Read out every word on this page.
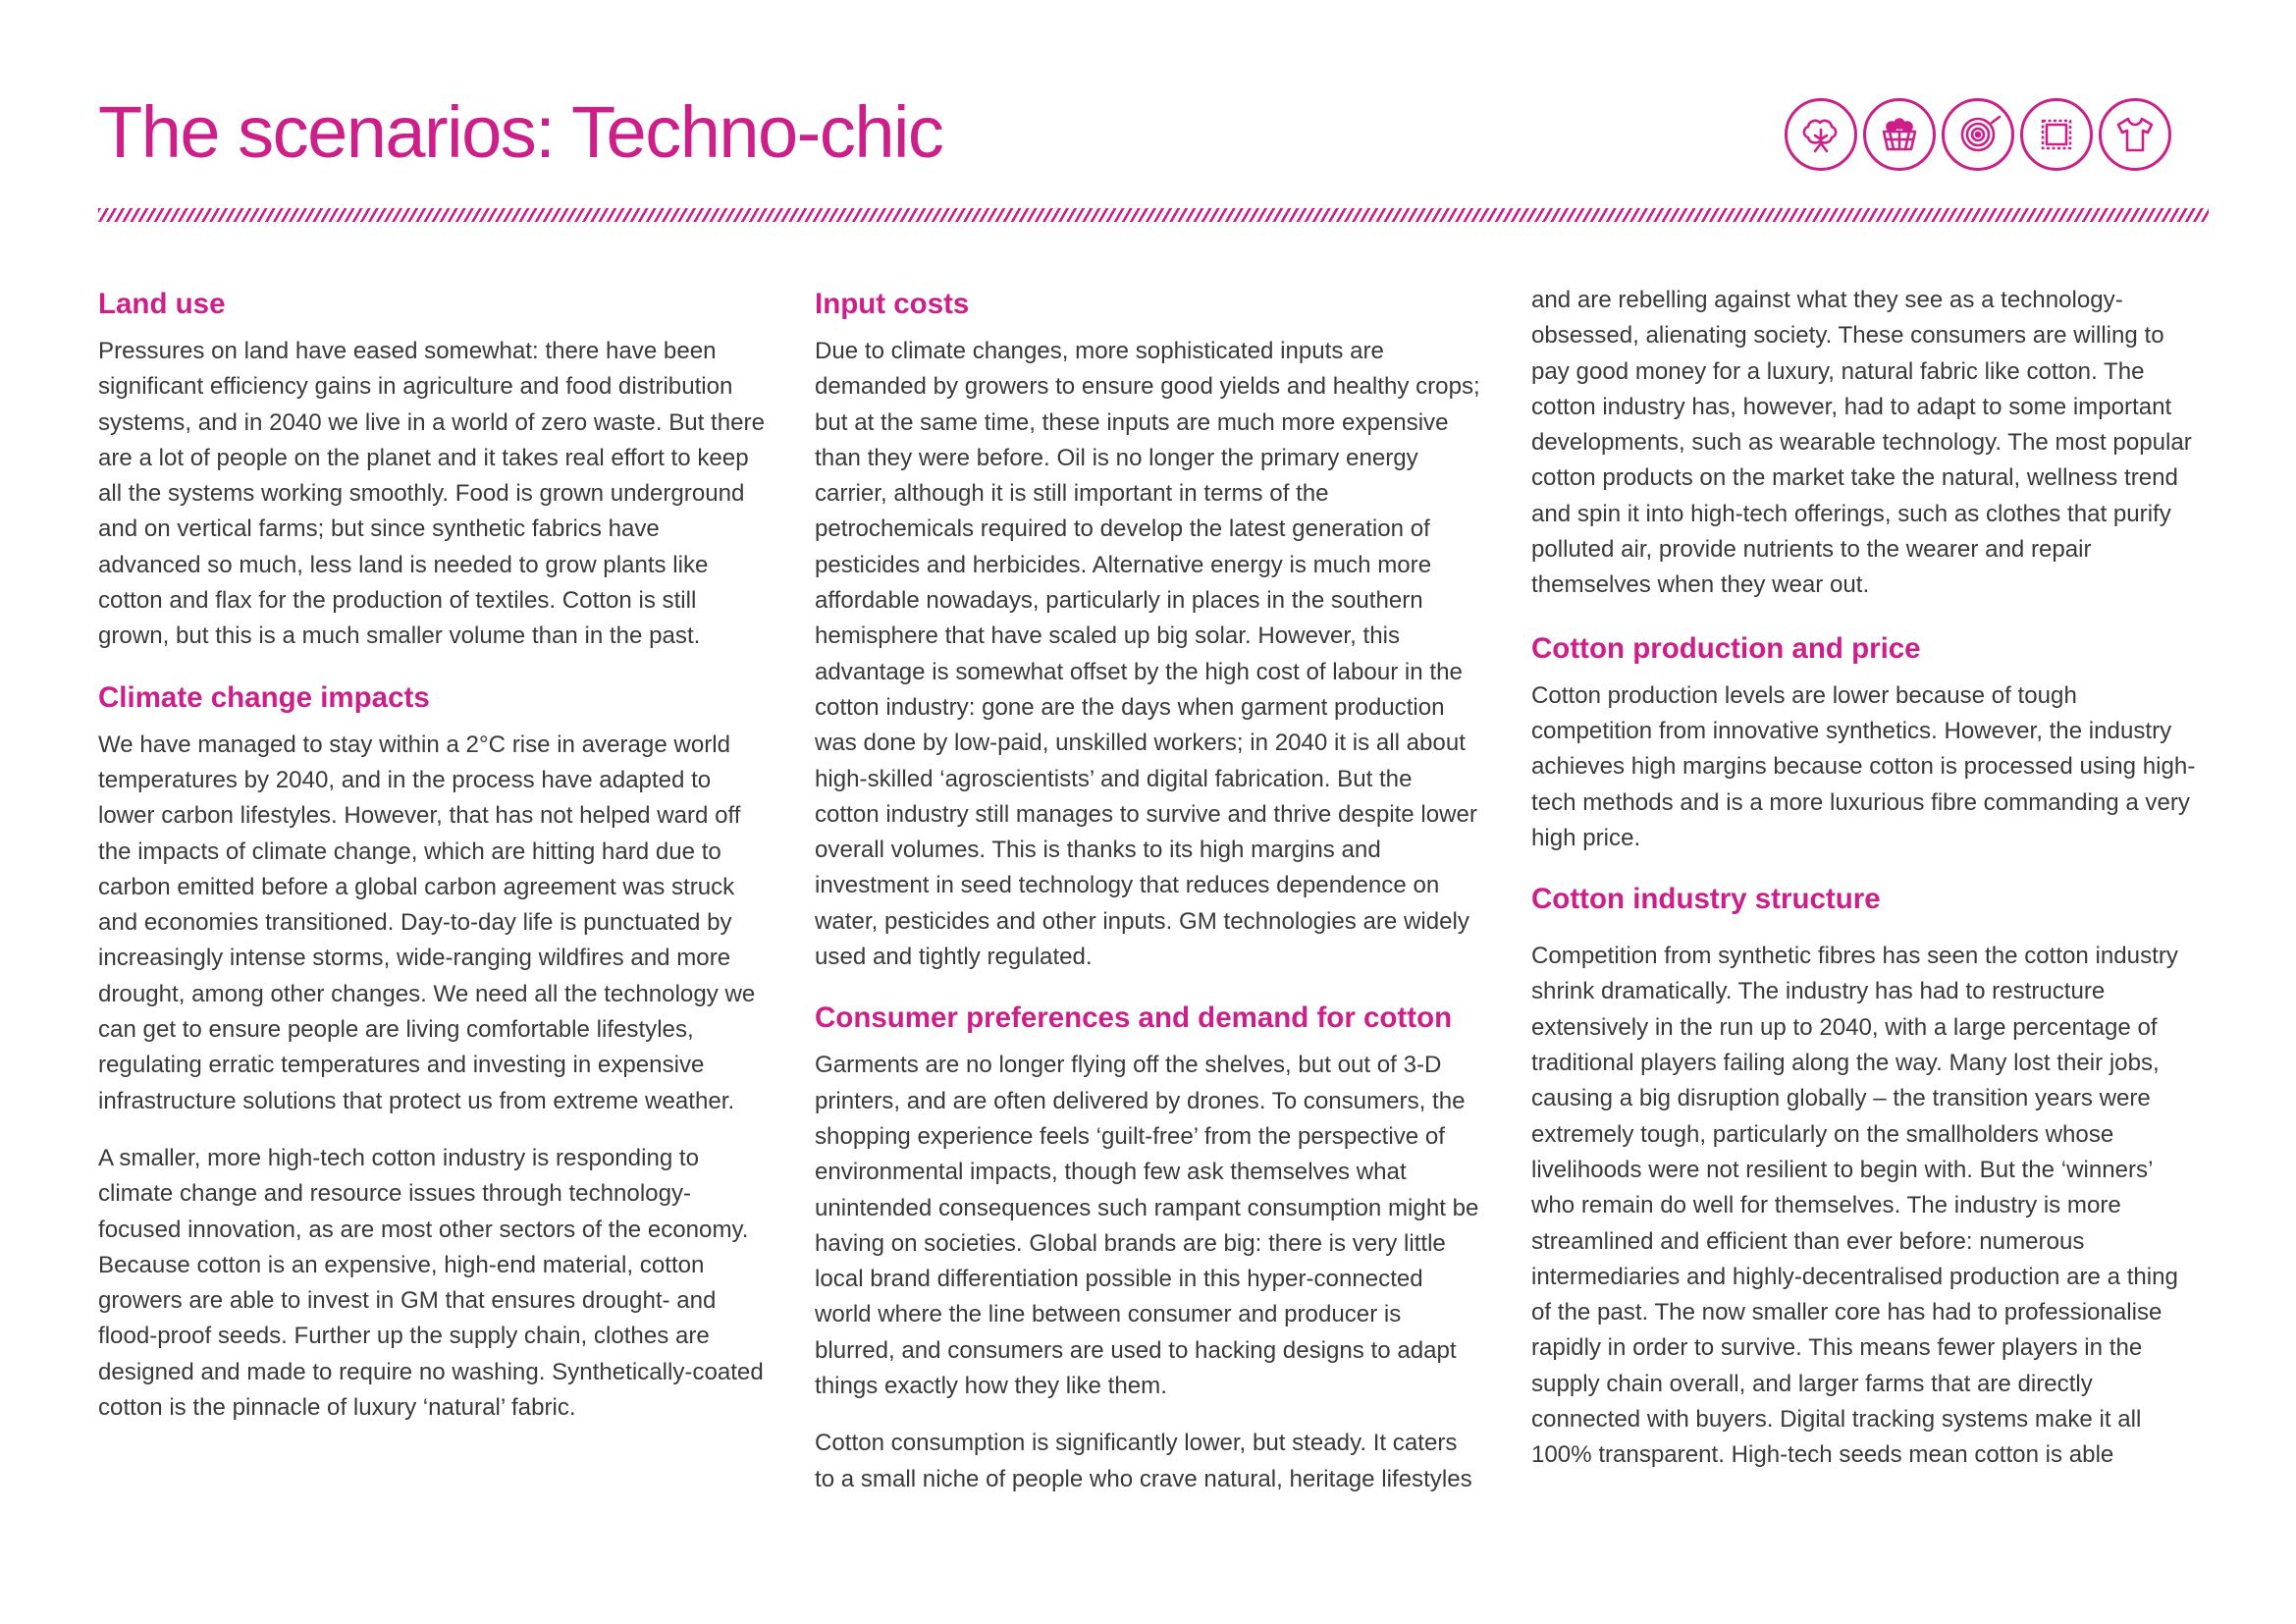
The scenarios: Techno-chic
Land use

Pressures on land have eased somewhat: there have been significant efficiency gains in agriculture and food distribution systems, and in 2040 we live in a world of zero waste. But there are a lot of people on the planet and it takes real effort to keep all the systems working smoothly. Food is grown underground and on vertical farms; but since synthetic fabrics have advanced so much, less land is needed to grow plants like cotton and flax for the production of textiles. Cotton is still grown, but this is a much smaller volume than in the past.

Climate change impacts

We have managed to stay within a 2°C rise in average world temperatures by 2040, and in the process have adapted to lower carbon lifestyles. However, that has not helped ward off the impacts of climate change, which are hitting hard due to carbon emitted before a global carbon agreement was struck and economies transitioned. Day-to-day life is punctuated by increasingly intense storms, wide-ranging wildfires and more drought, among other changes. We need all the technology we can get to ensure people are living comfortable lifestyles, regulating erratic temperatures and investing in expensive infrastructure solutions that protect us from extreme weather.

A smaller, more high-tech cotton industry is responding to climate change and resource issues through technology-focused innovation, as are most other sectors of the economy. Because cotton is an expensive, high-end material, cotton growers are able to invest in GM that ensures drought- and flood-proof seeds. Further up the supply chain, clothes are designed and made to require no washing. Synthetically-coated cotton is the pinnacle of luxury ‘natural’ fabric.

Input costs

Due to climate changes, more sophisticated inputs are demanded by growers to ensure good yields and healthy crops; but at the same time, these inputs are much more expensive than they were before. Oil is no longer the primary energy carrier, although it is still important in terms of the petrochemicals required to develop the latest generation of pesticides and herbicides. Alternative energy is much more affordable nowadays, particularly in places in the southern hemisphere that have scaled up big solar. However, this advantage is somewhat offset by the high cost of labour in the cotton industry: gone are the days when garment production was done by low-paid, unskilled workers; in 2040 it is all about high-skilled ‘agroscientists’ and digital fabrication. But the cotton industry still manages to survive and thrive despite lower overall volumes. This is thanks to its high margins and investment in seed technology that reduces dependence on water, pesticides and other inputs. GM technologies are widely used and tightly regulated.

Consumer preferences and demand for cotton

Garments are no longer flying off the shelves, but out of 3-D printers, and are often delivered by drones. To consumers, the shopping experience feels ‘guilt-free’ from the perspective of environmental impacts, though few ask themselves what unintended consequences such rampant consumption might be having on societies. Global brands are big: there is very little local brand differentiation possible in this hyper-connected world where the line between consumer and producer is blurred, and consumers are used to hacking designs to adapt things exactly how they like them.

Cotton consumption is significantly lower, but steady. It caters to a small niche of people who crave natural, heritage lifestyles

and are rebelling against what they see as a technology-obsessed, alienating society. These consumers are willing to pay good money for a luxury, natural fabric like cotton. The cotton industry has, however, had to adapt to some important developments, such as wearable technology. The most popular cotton products on the market take the natural, wellness trend and spin it into high-tech offerings, such as clothes that purify polluted air, provide nutrients to the wearer and repair themselves when they wear out.

Cotton production and price

Cotton production levels are lower because of tough competition from innovative synthetics. However, the industry achieves high margins because cotton is processed using high-tech methods and is a more luxurious fibre commanding a very high price.

Cotton industry structure

Competition from synthetic fibres has seen the cotton industry shrink dramatically. The industry has had to restructure extensively in the run up to 2040, with a large percentage of traditional players failing along the way. Many lost their jobs, causing a big disruption globally – the transition years were extremely tough, particularly on the smallholders whose livelihoods were not resilient to begin with. But the ‘winners’ who remain do well for themselves. The industry is more streamlined and efficient than ever before: numerous intermediaries and highly-decentralised production are a thing of the past. The now smaller core has had to professionalise rapidly in order to survive. This means fewer players in the supply chain overall, and larger farms that are directly connected with buyers. Digital tracking systems make it all 100% transparent. High-tech seeds mean cotton is able
